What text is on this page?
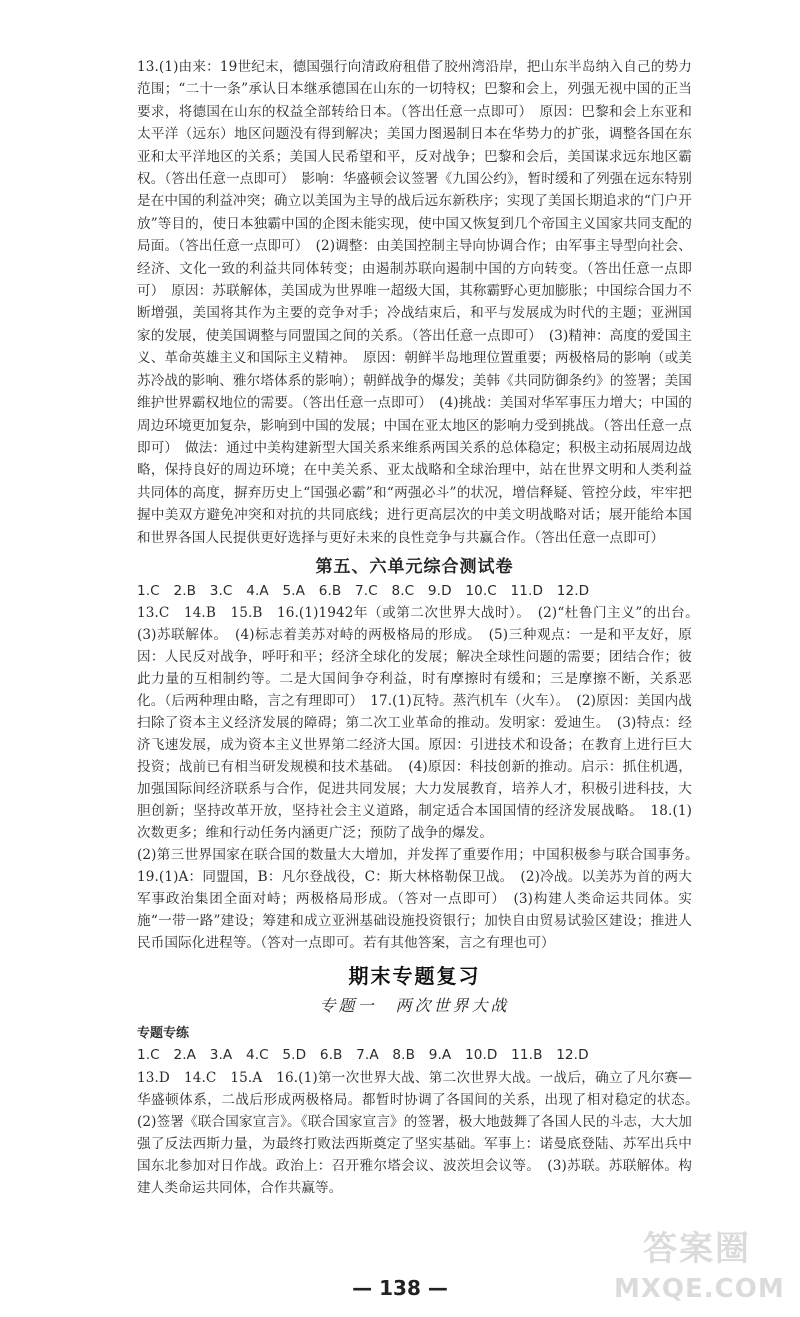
13.(1)由来：19世纪末，德国强行向清政府租借了胶州湾沿岸，把山东半岛纳入自己的势力范围；“二十一条”承认日本继承德国在山东的一切特权；巴黎和会上，列强无视中国的正当要求，将德国在山东的权益全部转给日本。（答出任意一点即可）　原因：巴黎和会上东亚和太平洋（远东）地区问题没有得到解决；美国力图遏制日本在华势力的扩张，调整各国在东亚和太平洋地区的关系；美国人民希望和平，反对战争；巴黎和会后，美国谋求远东地区霸权。（答出任意一点即可）　影响：华盛顿会议签署《九国公约》，暂时缓和了列强在远东特别是在中国的利益冲突；确立以美国为主导的战后远东新秩序；实现了美国长期追求的“门户开放”等目的，使日本独霸中国的企图未能实现，使中国又恢复到几个帝国主义国家共同支配的局面。（答出任意一点即可）　(2)调整：由美国控制主导向协调合作；由军事主导型向社会、经济、文化一致的利益共同体转变；由遏制苏联向遏制中国的方向转变。（答出任意一点即可）　原因：苏联解体，美国成为世界唯一超级大国，其称霸野心更加膨胀；中国综合国力不断增强，美国将其作为主要的竞争对手；冷战结束后，和平与发展成为时代的主题；亚洲国家的发展，使美国调整与同盟国之间的关系。（答出任意一点即可）　(3)精神：高度的爱国主义、革命英雄主义和国际主义精神。　原因：朝鲜半岛地理位置重要；两极格局的影响（或美苏冷战的影响、雅尔塔体系的影响）；朝鲜战争的爆发；美韩《共同防御条约》的签署；美国维护世界霸权地位的需要。（答出任意一点即可）　(4)挑战：美国对华军事压力增大；中国的周边环境更加复杂，影响到中国的发展；中国在亚太地区的影响力受到挑战。（答出任意一点即可）　做法：通过中美构建新型大国关系来维系两国关系的总体稳定；积极主动拓展周边战略，保持良好的周边环境；在中美关系、亚太战略和全球治理中，站在世界文明和人类利益共同体的高度，摒弃历史上“国强必霸”和“两强必斗”的状况，增信释疑、管控分歧，牢牢把握中美双方避免冲突和对抗的共同底线；进行更高层次的中美文明战略对话；展开能给本国和世界各国人民提供更好选择与更好未来的良性竞争与共赢合作。（答出任意一点即可）

第五、六单元综合测试卷

1.C　2.B　3.C　4.A　5.A　6.B　7.C　8.C　9.D　10.C　11.D　12.D

13.C　14.B　15.B　16.(1)1942年（或第二次世界大战时）。　(2)“杜鲁门主义”的出台。　(3)苏联解体。　(4)标志着美苏对峙的两极格局的形成。　(5)三种观点：一是和平友好，原因：人民反对战争，呼吁和平；经济全球化的发展；解决全球性问题的需要；团结合作；彼此力量的互相制约等。二是大国间争夺利益，时有摩擦时有缓和；三是摩擦不断，关系恶化。（后两种理由略，言之有理即可）　17.(1)瓦特。蒸汽机车（火车）。　(2)原因：美国内战扫除了资本主义经济发展的障碍；第二次工业革命的推动。发明家：爱迪生。　(3)特点：经济飞速发展，成为资本主义世界第二经济大国。原因：引进技术和设备；在教育上进行巨大投资；战前已有相当研发规模和技术基础。　(4)原因：科技创新的推动。启示：抓住机遇，加强国际间经济联系与合作，促进共同发展；大力发展教育，培养人才，积极引进科技，大胆创新；坚持改革开放，坚持社会主义道路，制定适合本国国情的经济发展战略。　18.(1)次数更多；维和行动任务内涵更广泛；预防了战争的爆发。

(2)第三世界国家在联合国的数量大大增加，并发挥了重要作用；中国积极参与联合国事务。　19.(1)A：同盟国，B：凡尔登战役，C：斯大林格勒保卫战。　(2)冷战。以美苏为首的两大军事政治集团全面对峙；两极格局形成。（答对一点即可）　(3)构建人类命运共同体。实施“一带一路”建设；筹建和成立亚洲基础设施投资银行；加快自由贸易试验区建设；推进人民币国际化进程等。（答对一点即可。若有其他答案，言之有理也可）

期末专题复习
专题一　两次世界大战
专题专练

1.C　2.A　3.A　4.C　5.D　6.B　7.A　8.B　9.A　10.D　11.B　12.D

13.D　14.C　15.A　16.(1)第一次世界大战、第二次世界大战。一战后，确立了凡尔赛—华盛顿体系，二战后形成两极格局。都暂时协调了各国间的关系，出现了相对稳定的状态。　(2)签署《联合国家宣言》。《联合国家宣言》的签署，极大地鼓舞了各国人民的斗志，大大加强了反法西斯力量，为最终打败法西斯奠定了坚实基础。军事上：诺曼底登陆、苏军出兵中国东北参加对日作战。政治上：召开雅尔塔会议、波茨坦会议等。　(3)苏联。苏联解体。构建人类命运共同体，合作共赢等。

— 138 —
答案圈
MXQE.COM
